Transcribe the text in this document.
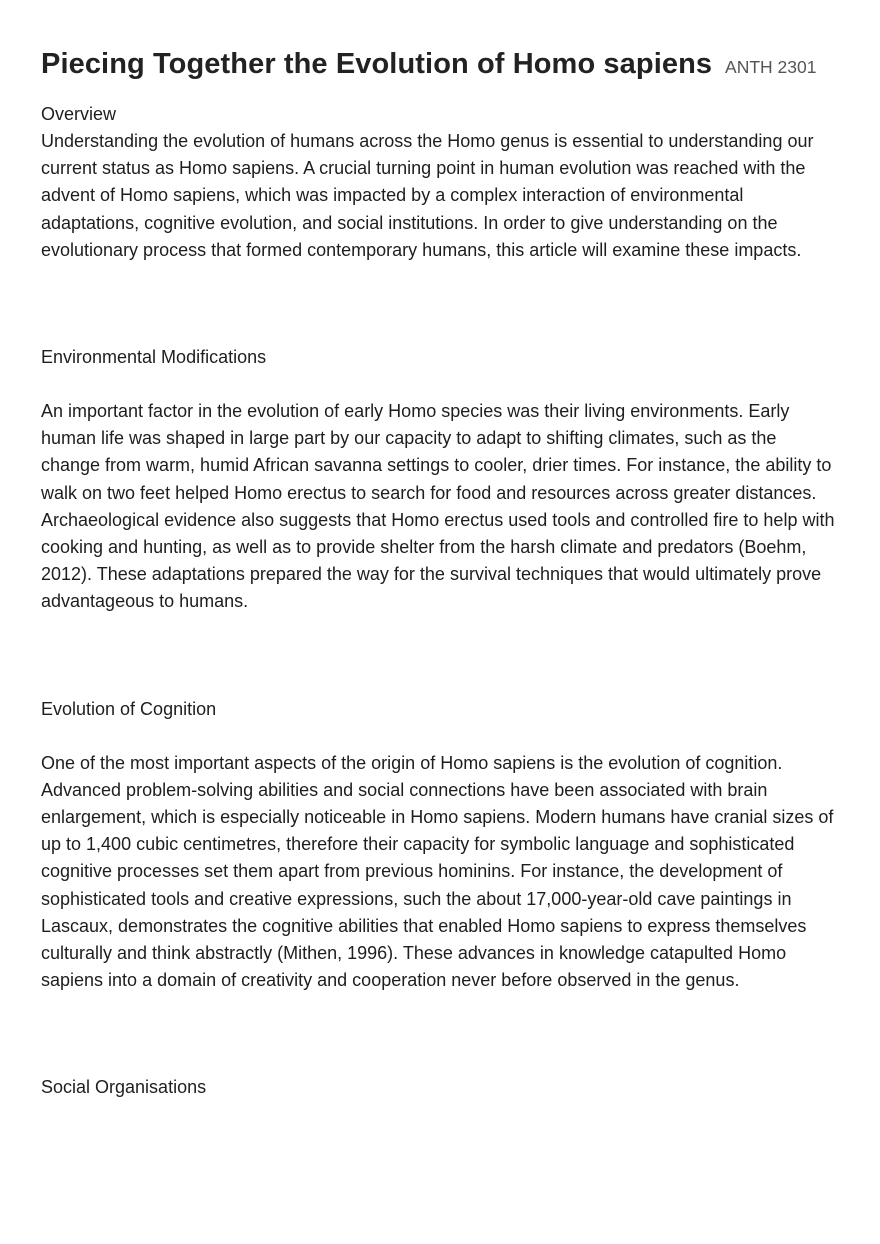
Piecing Together the Evolution of Homo sapiens ANTH 2301
Overview

Understanding the evolution of humans across the Homo genus is essential to understanding our current status as Homo sapiens. A crucial turning point in human evolution was reached with the advent of Homo sapiens, which was impacted by a complex interaction of environmental adaptations, cognitive evolution, and social institutions. In order to give understanding on the evolutionary process that formed contemporary humans, this article will examine these impacts.

Environmental Modifications

An important factor in the evolution of early Homo species was their living environments. Early human life was shaped in large part by our capacity to adapt to shifting climates, such as the change from warm, humid African savanna settings to cooler, drier times. For instance, the ability to walk on two feet helped Homo erectus to search for food and resources across greater distances. Archaeological evidence also suggests that Homo erectus used tools and controlled fire to help with cooking and hunting, as well as to provide shelter from the harsh climate and predators (Boehm, 2012). These adaptations prepared the way for the survival techniques that would ultimately prove advantageous to humans.

Evolution of Cognition

One of the most important aspects of the origin of Homo sapiens is the evolution of cognition. Advanced problem-solving abilities and social connections have been associated with brain enlargement, which is especially noticeable in Homo sapiens. Modern humans have cranial sizes of up to 1,400 cubic centimetres, therefore their capacity for symbolic language and sophisticated cognitive processes set them apart from previous hominins. For instance, the development of sophisticated tools and creative expressions, such the about 17,000-year-old cave paintings in Lascaux, demonstrates the cognitive abilities that enabled Homo sapiens to express themselves culturally and think abstractly (Mithen, 1996). These advances in knowledge catapulted Homo sapiens into a domain of creativity and cooperation never before observed in the genus.

Social Organisations
